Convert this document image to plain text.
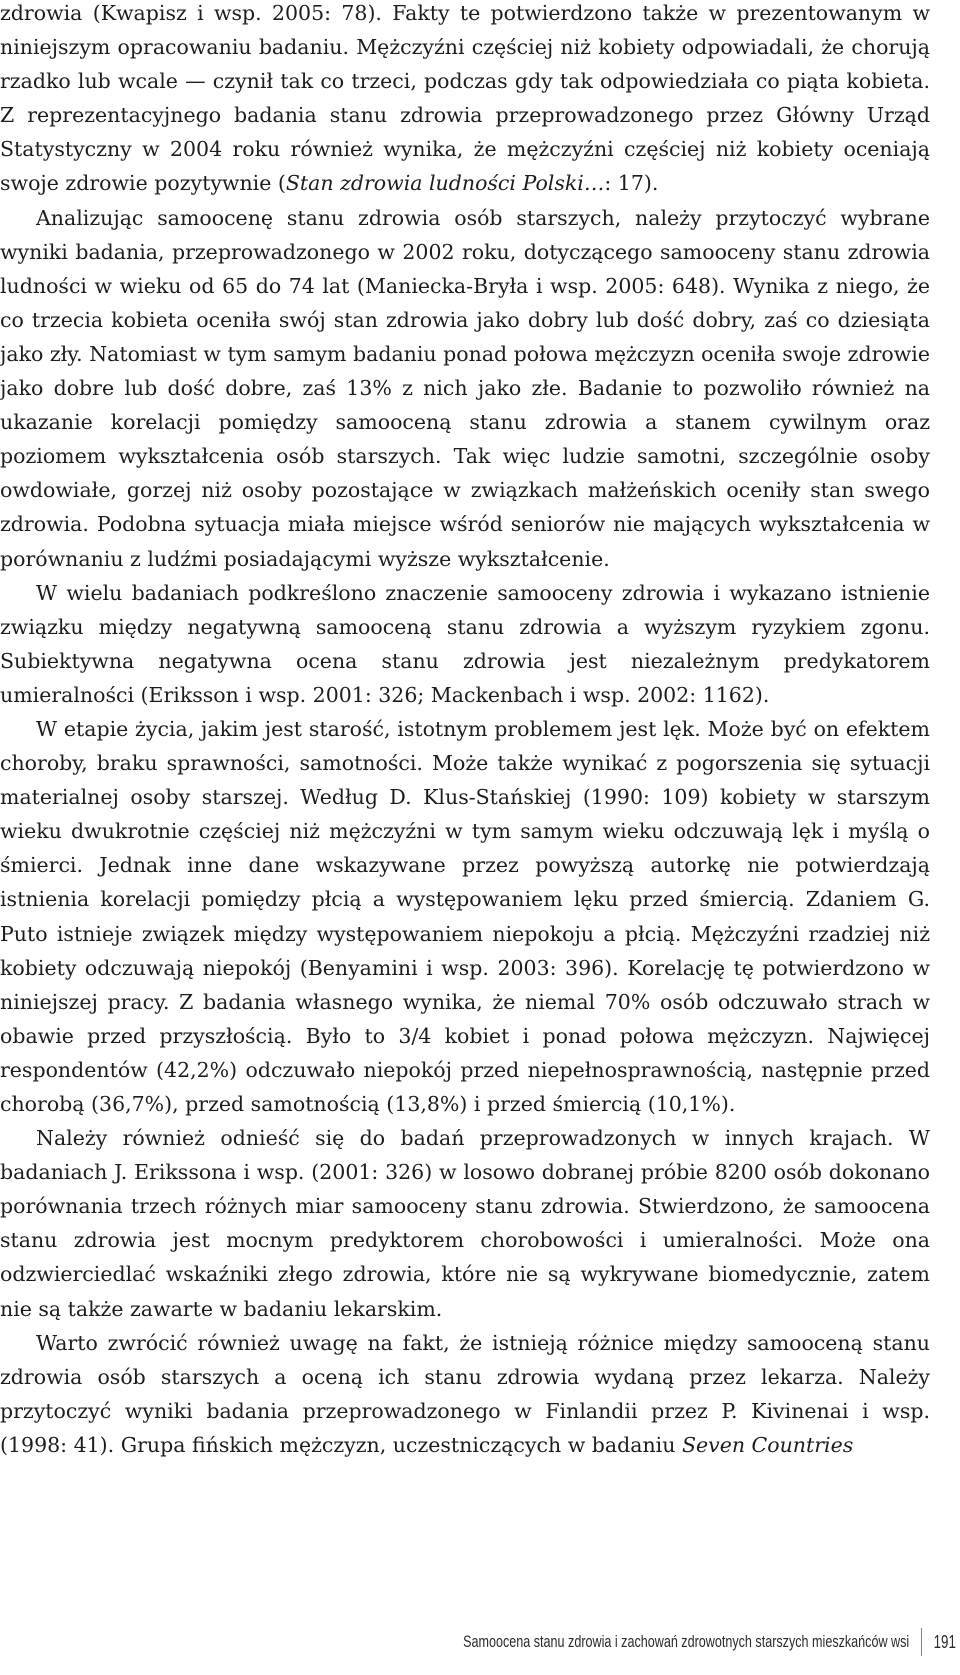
zdrowia (Kwapisz i wsp. 2005: 78). Fakty te potwierdzono także w prezentowanym w niniejszym opracowaniu badaniu. Mężczyźni częściej niż kobiety odpowiadali, że chorują rzadko lub wcale — czynił tak co trzeci, podczas gdy tak odpowiedziała co piąta kobieta. Z reprezentacyjnego badania stanu zdrowia przeprowadzonego przez Główny Urząd Statystyczny w 2004 roku również wynika, że mężczyźni częściej niż kobiety oceniają swoje zdrowie pozytywnie (Stan zdrowia ludności Polski…: 17).

Analizując samoocenę stanu zdrowia osób starszych, należy przytoczyć wybrane wyniki badania, przeprowadzonego w 2002 roku, dotyczącego samooceny stanu zdrowia ludności w wieku od 65 do 74 lat (Maniecka-Bryła i wsp. 2005: 648). Wynika z niego, że co trzecia kobieta oceniła swój stan zdrowia jako dobry lub dość dobry, zaś co dziesiąta jako zły. Natomiast w tym samym badaniu ponad połowa mężczyzn oceniła swoje zdrowie jako dobre lub dość dobre, zaś 13% z nich jako złe. Badanie to pozwoliło również na ukazanie korelacji pomiędzy samooceną stanu zdrowia a stanem cywilnym oraz poziomem wykształcenia osób starszych. Tak więc ludzie samotni, szczególnie osoby owdowiałe, gorzej niż osoby pozostające w związkach małżeńskich oceniły stan swego zdrowia. Podobna sytuacja miała miejsce wśród seniorów nie mających wykształcenia w porównaniu z ludźmi posiadającymi wyższe wykształcenie.

W wielu badaniach podkreślono znaczenie samooceny zdrowia i wykazano istnienie związku między negatywną samooceną stanu zdrowia a wyższym ryzykiem zgonu. Subiektywna negatywna ocena stanu zdrowia jest niezależnym predykatorem umieralności (Eriksson i wsp. 2001: 326; Mackenbach i wsp. 2002: 1162).

W etapie życia, jakim jest starość, istotnym problemem jest lęk. Może być on efektem choroby, braku sprawności, samotności. Może także wynikać z pogorszenia się sytuacji materialnej osoby starszej. Według D. Klus-Stańskiej (1990: 109) kobiety w starszym wieku dwukrotnie częściej niż mężczyźni w tym samym wieku odczuwają lęk i myślą o śmierci. Jednak inne dane wskazywane przez powyższą autorkę nie potwierdzają istnienia korelacji pomiędzy płcią a występowaniem lęku przed śmiercią. Zdaniem G. Puto istnieje związek między występowaniem niepokoju a płcią. Mężczyźni rzadziej niż kobiety odczuwają niepokój (Benyamini i wsp. 2003: 396). Korelację tę potwierdzono w niniejszej pracy. Z badania własnego wynika, że niemal 70% osób odczuwało strach w obawie przed przyszłością. Było to 3/4 kobiet i ponad połowa mężczyzn. Najwięcej respondentów (42,2%) odczuwało niepokój przed niepełnosprawnością, następnie przed chorobą (36,7%), przed samotnością (13,8%) i przed śmiercią (10,1%).

Należy również odnieść się do badań przeprowadzonych w innych krajach. W badaniach J. Erikssona i wsp. (2001: 326) w losowo dobranej próbie 8200 osób dokonano porównania trzech różnych miar samooceny stanu zdrowia. Stwierdzono, że samoocena stanu zdrowia jest mocnym predyktorem chorobowości i umieralności. Może ona odzwierciedlać wskaźniki złego zdrowia, które nie są wykrywane biomedycznie, zatem nie są także zawarte w badaniu lekarskim.

Warto zwrócić również uwagę na fakt, że istnieją różnice między samooceną stanu zdrowia osób starszych a oceną ich stanu zdrowia wydaną przez lekarza. Należy przytoczyć wyniki badania przeprowadzonego w Finlandii przez P. Kivinenai i wsp. (1998: 41). Grupa fińskich mężczyzn, uczestniczących w badaniu Seven Countries

Samoocena stanu zdrowia i zachowań zdrowotnych starszych mieszkańców wsi 191
